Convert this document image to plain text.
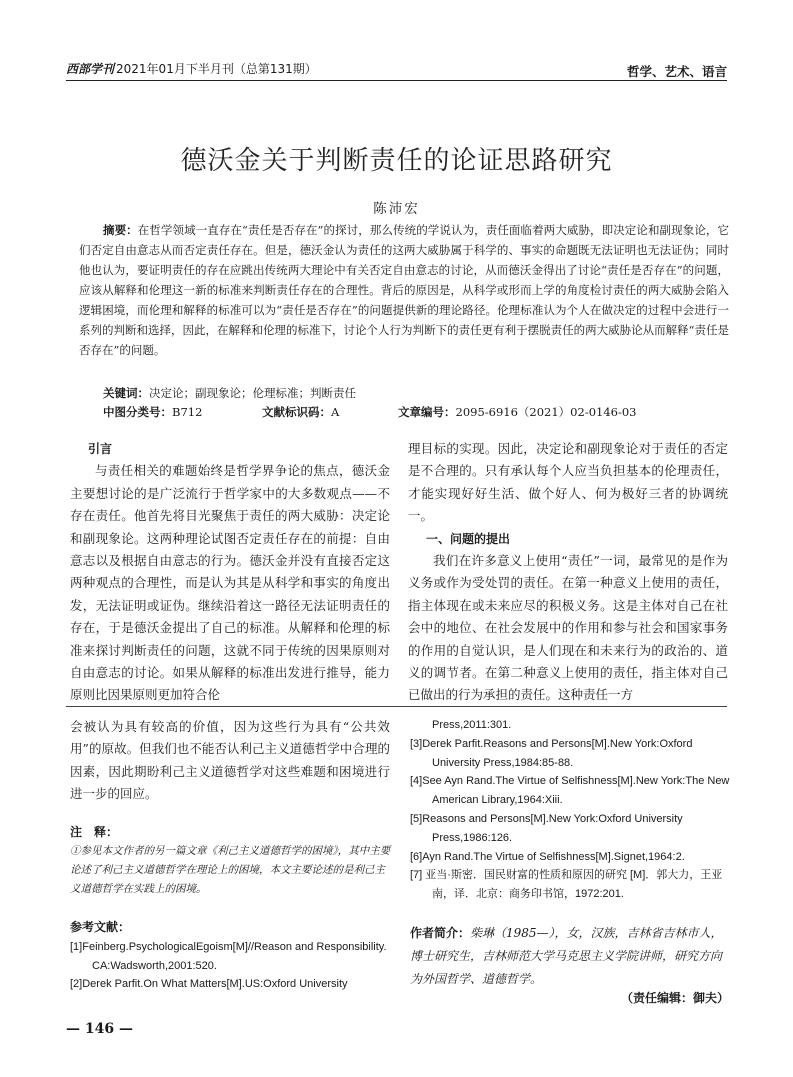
西部学刊 2021年01月下半月刊（总第131期）	哲学、艺术、语言
德沃金关于判断责任的论证思路研究
陈沛宏
摘要：在哲学领域一直存在“责任是否存在”的探讨，那么传统的学说认为，责任面临着两大威胁，即决定论和副现象论，它们否定自由意志从而否定责任存在。但是，德沃金认为责任的这两大威胁属于科学的、事实的命题既无法证明也无法证伪；同时他也认为，要证明责任的存在应跳出传统两大理论中有关否定自由意志的讨论，从而德沃金得出了讨论“责任是否存在”的问题，应该从解释和伦理这一新的标准来判断责任存在的合理性。背后的原因是，从科学或形而上学的角度检讨责任的两大威胁会陷入逻辑困境，而伦理和解释的标准可以为“责任是否存在”的问题提供新的理论路径。伦理标准认为个人在做决定的过程中会进行一系列的判断和选择，因此，在解释和伦理的标准下，讨论个人行为判断下的责任更有利于摆脱责任的两大威胁论从而解释“责任是否存在”的问题。
关键词：决定论；副现象论；伦理标准；判断责任
中图分类号：B712	文献标识码：A	文章编号：2095-6916（2021）02-0146-03

引言

与责任相关的难题始终是哲学界争论的焦点，德沃金主要想讨论的是广泛流行于哲学家中的大多数观点——不存在责任。他首先将目光聚焦于责任的两大威胁：决定论和副现象论。这两种理论试图否定责任存在的前提：自由意志以及根据自由意志的行为。德沃金并没有直接否定这两种观点的合理性，而是认为其是从科学和事实的角度出发，无法证明或证伪。继续沿着这一路径无法证明责任的存在，于是德沃金提出了自己的标准。从解释和伦理的标准来探讨判断责任的问题，这就不同于传统的因果原则对自由意志的讨论。如果从解释的标准出发进行推导，能力原则比因果原则更加符合伦

理目标的实现。因此，决定论和副现象论对于责任的否定是不合理的。只有承认每个人应当负担基本的伦理责任，才能实现好好生活、做个好人、何为极好三者的协调统一。

一、问题的提出

我们在许多意义上使用“责任”一词，最常见的是作为义务或作为受处罚的责任。在第一种意义上使用的责任，指主体现在或未来应尽的积极义务。这是主体对自己在社会中的地位、在社会发展中的作用和参与社会和国家事务的作用的自觉认识，是人们现在和未来行为的政治的、道义的调节者。在第二种意义上使用的责任，指主体对自己已做出的行为承担的责任。这种责任一方

会被认为具有较高的价值，因为这些行为具有“公共效用”的原故。但我们也不能否认利己主义道德哲学中合理的因素，因此期盼利己主义道德哲学对这些难题和困境进行进一步的回应。
注　释：
①参见本文作者的另一篇文章《利己主义道德哲学的困境》，其中主要论述了利己主义道德哲学在理论上的困境，本文主要论述的是利己主义道德哲学在实践上的困境。
参考文献：
[1]Feinberg.PsychologicalEgoism[M]//Reason and Responsibility. CA:Wadsworth,2001:520.
[2]Derek Parfit.On What Matters[M].US:Oxford University
Press,2011:301.
[3]Derek Parfit.Reasons and Persons[M].New York:Oxford University Press,1984:85-88.
[4]See Ayn Rand.The Virtue of Selfishness[M].New York:The New American Library,1964:Xiii.
[5]Reasons and Persons[M].New York:Oxford University Press,1986:126.
[6]Ayn Rand.The Virtue of Selfishness[M].Signet,1964:2.
[7] 亚当·斯密．国民财富的性质和原因的研究 [M]．郭大力，王亚南，译．北京：商务印书馆，1972:201.
作者简介：柴琳（1985—），女，汉族，吉林省吉林市人，博士研究生，吉林师范大学马克思主义学院讲师，研究方向为外国哲学、道德哲学。
（责任编辑：御夫）
— 146 —
